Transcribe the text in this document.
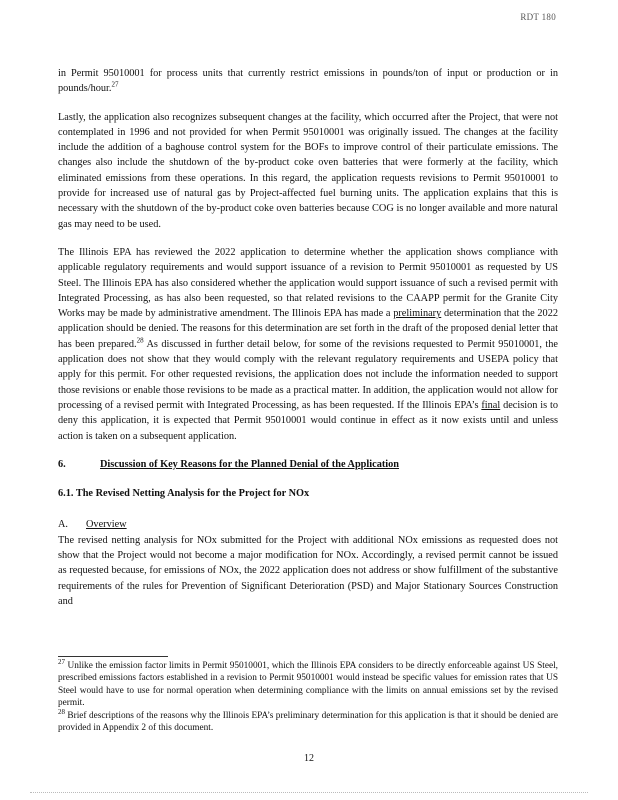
RDT 180

in Permit 95010001 for process units that currently restrict emissions in pounds/ton of input or production or in pounds/hour.$^{27}$

Lastly, the application also recognizes subsequent changes at the facility, which occurred after the Project, that were not contemplated in 1996 and not provided for when Permit 95010001 was originally issued. The changes at the facility include the addition of a baghouse control system for the BOFs to improve control of their particulate emissions. The changes also include the shutdown of the by-product coke oven batteries that were formerly at the facility, which eliminated emissions from these operations. In this regard, the application requests revisions to Permit 95010001 to provide for increased use of natural gas by Project-affected fuel burning units. The application explains that this is necessary with the shutdown of the by-product coke oven batteries because COG is no longer available and more natural gas may need to be used.

The Illinois EPA has reviewed the 2022 application to determine whether the application shows compliance with applicable regulatory requirements and would support issuance of a revision to Permit 95010001 as requested by US Steel. The Illinois EPA has also considered whether the application would support issuance of such a revised permit with Integrated Processing, as has also been requested, so that related revisions to the CAAPP permit for the Granite City Works may be made by administrative amendment. The Illinois EPA has made a preliminary determination that the 2022 application should be denied. The reasons for this determination are set forth in the draft of the proposed denial letter that has been prepared.$^{28}$ As discussed in further detail below, for some of the revisions requested to Permit 95010001, the application does not show that they would comply with the relevant regulatory requirements and USEPA policy that apply for this permit. For other requested revisions, the application does not include the information needed to support those revisions or enable those revisions to be made as a practical matter. In addition, the application would not allow for processing of a revised permit with Integrated Processing, as has been requested. If the Illinois EPA’s final decision is to deny this application, it is expected that Permit 95010001 would continue in effect as it now exists until and unless action is taken on a subsequent application.

6.	Discussion of Key Reasons for the Planned Denial of the Application
6.1. The Revised Netting Analysis for the Project for NOx
A.	Overview

The revised netting analysis for NOx submitted for the Project with additional NOx emissions as requested does not show that the Project would not become a major modification for NOx. Accordingly, a revised permit cannot be issued as requested because, for emissions of NOx, the 2022 application does not address or show fulfillment of the substantive requirements of the rules for Prevention of Significant Deterioration (PSD) and Major Stationary Sources Construction and

$^{27}$ Unlike the emission factor limits in Permit 95010001, which the Illinois EPA considers to be directly enforceable against US Steel, prescribed emissions factors established in a revision to Permit 95010001 would instead be specific values for emission rates that US Steel would have to use for normal operation when determining compliance with the limits on annual emissions set by the revised permit.

$^{28}$ Brief descriptions of the reasons why the Illinois EPA’s preliminary determination for this application is that it should be denied are provided in Appendix 2 of this document.

12
